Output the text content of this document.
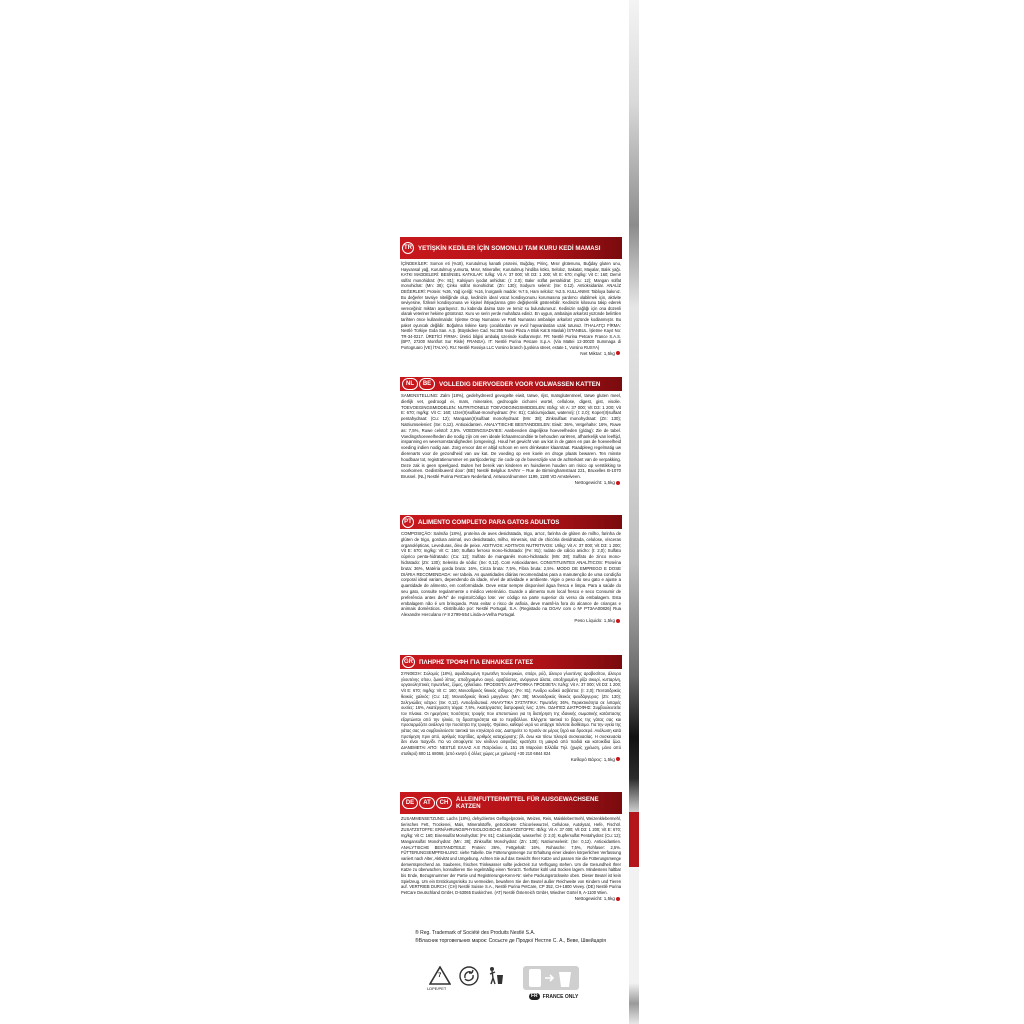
TR YETİŞKİN KEDİLER İÇİN SOMONLU TAM KURU KEDİ MAMASI
İÇİNDEKİLER: Somon eti (%18), Kurutulmuş kanatlı proteini, Buğday, Pirinç, Mısır glütenunu, Buğday gluten unu, Hayvansal yağ, Kurutulmuş yumurta, Mısır, Mineraller, Kurutulmuş hindiba kökü, Selüloz, Sakatat, Mayalar, Balık yağı. KATKI MADDELERİ: BESİNSEL KATKILAR: IU/kg: Vit A: 37 000; Vit D3: 1 200; Vit E: 670; mg/kg: Vit C: 160; Demir sülfat monohidrat: (Fe: 81); Kalsiyum iyodat anhidrat: (I: 2.0); Bakır sülfat pentahidrat: (Cu: 12); Mangan sülfat monohidrat: (Mn: 38); Çinko sülfat monohidrat: (Zn: 130); Sodyum selenit: (Se: 0.12). Antioksidanlar. ANALİZ DEĞERLERİ: Protein: %36, Yağ içeriği: %16, İnorganik madde: %7.5, Ham selüloz: %2.5. KULLANIMI: Tabloya bakınız. Bu değerler tavsiye niteliğinde olup, kedinizin ideal vücut kondisyonunu korumasına yardımcı olabilmek için, aktivite seviyesine, fiziksel kondisyonuna ve kişisel ihtiyaçlarına göre değişkenlik gösterebilir. Kedinizin kilosunu takip ederek vereceğiniz miktarı ayarlayınız. Su kabında daima taze ve temiz su bulundurunuz. Kedinizin sağlığı için ona düzenli olarak veteriner hekime götürünüz. Kuru ve serin yerde muhafaza ediniz. En uygun, ambalajın arka/üst yüzünde belirtilen tarihten önce kullanılmalıdır. İşletme Onay Numarası ve Parti Numarası ambalajın arka/üst yüzünde kodlanmıştır. Bu paket oyuncak değildir. Boğulma riskine karşı çocuklardan ve evcil hayvanlardan uzak tutunuz. İTHALATÇI FİRMA: Nestlé Türkiye Gıda San. A.Ş. (Büyükdere Cad. No:255 Nurol Plaza A Blok Kat:6 Maslak) İSTANBUL. İşletme Kayıt No: TR-34-0217. ÜRETİCİ FİRMA: Üretici bilgisi ambalaj üzerinde kodlanmıştır. FR: Nestlé Purina Petcare France S.A.S. (BP7, 27200 Montfort Sur Risle) FRANSA). IT: Nestlé Purina Petcare S.p.A. (Via Mattei 12-30020 Summaga di Portogruaro (VE) İTALYA). RU: Nestlé Rossiya LLC Vorsino branch (Lyskina street, estate 1, Vorsino RUSYA)
Net Miktar: 1,5kg
NL	BE	VOLLEDIG DIERVOEDER VOOR VOLWASSEN KATTEN
SAMENSTELLING: Zalm (18%), gedehydreerd gevogelte eiwit, tarwe, rijst, maïsglutenmeel, tarwe gluten meel, dierlijk vet, gedroogd ei, maïs, mineralen, gedroogde cichorei wortel, cellulose, digest, gist, visolie. TOEVOEGINGSMIDDELEN: NUTRITIONELE TOEVOEGINGSMIDDELEN: IE/kg: Vit A: 37 000; Vit D3: 1 200; Vit E: 670; mg/kg: Vit C: 160; IJzer(II)sulfaat-monohydraat: (Fe: 81); Calciumjodaat, watervrij: (I: 2,0); Koper(II)sulfaat pentahydraat: (Cu: 12); Mangaan(II)sulfaat monohydraat: (Mn: 38); Zinksulfaat monohydraat: (Zn: 130); Natriumseleniet: (Se: 0,12). Antioxidanten. ANALYTISCHE BESTANDDELEN: Eiwit: 36%, Vetgehalte: 16%, Ruwe as: 7,5%, Ruwe celstof: 2,5%. VOEDINGSADVIES: Aanbevolen dagelijkse hoeveelheden (g/dag): Zie de tabel. Voedingshoeveelheden die nodig zijn om een ideale lichaamsconditie te behouden variëren, afhankelijk van leeftijd, inspanning en weersomstandigheden (omgeving). Houd het gewicht van uw kat in de gaten en pas de hoeveelheid voeding indien nodig aan. Zorg ervoor dat er altijd schoon en vers drinkwater klaarstaat. Raadpleeg regelmatig uw dierenarts voor de gezondheid van uw kat. De voeding op een koele en droge plaats bewaren. Ten minste houdbaar tot, registratienummer en partijcodering: zie code op de bovenzijde van de achterkant van de verpakking. Deze zak is geen speelgoed. Buiten het bereik van kinderen en huisdieren houden om risico op verstikking te voorkomen. Gedistribueerd door: (BE) Nestlé Belgilux SA/NV – Rue de Birminghamstraat 221, Bruxelles B-1070 Brussel. (NL) Nestlé Purina PetCare Nederland, Antwoordnummer 1199, 1180 VD Amstelveen.
Nettogewicht: 1,5kg
PT ALIMENTO COMPLETO PARA GATOS ADULTOS
COMPOSIÇÃO: Salmão (18%), proteína de aves desidratada, trigo, arroz, farinha de glúten de milho, farinha de glúten de trigo, gordura animal, ovo desidratado, milho, minerais, raiz de chicória desidratada, celulose, vísceras organolépticas, Leveduras, óleo de peixe. ADITIVOS: ADITIVOS NUTRITIVOS: UI/kg: Vit A: 37 000; Vit D3: 1 200; Vit E: 670; mg/kg: Vit C: 160; Sulfato ferroso mono-hidratado: (Fe: 81); Iodato de cálcio anidro: (I: 2,0); Sulfato cúprico penta-hidratado: (Cu: 12); Sulfato de manganês mono-hidratado: (Mn: 38); Sulfato de zinco mono-hidratado: (Zn: 130); Selenito de sódio: (Se: 0,12). Com Antioxidantes. CONSTITUINTES ANALÍTICOS: Proteína bruta: 36%, Matéria gorda bruta: 16%, Cinza bruta: 7,5%, Fibra bruta: 2,5%. MODO DE EMPREGO E DOSE DIÁRIA RECOMENDADA: ver tabela. As quantidades diárias recomendadas para a manutenção de uma condição corporal ideal variam, dependendo da idade, nível de atividade e ambiente. Vigie o peso do seu gato e ajuste a quantidade de alimento, em conformidade. Deve estar sempre disponível água fresca e limpa. Para a saúde do seu gato, consulte regularmente o médico veterinário. Guarde o alimento num local fresco e seco Consumir de preferência antes de/N° de registo/Código lote: ver código na parte superior do verso da embalagem. Esta embalagem não é um brinquedo. Para evitar o risco de asfixia, deve mantê-la fora do alcance de crianças e animais domésticos. -Distribuído por: Nestlé Portugal, S.A. (Registado na DGAV com o Nº PT3AA00826) Rua Alexandre Herculano nº 8 2799-554 Linda-a-Velha Portugal.
Peso Líquido: 1,5kg
GR ΠΛΗΡΗΣ ΤΡΟΦΗ ΓΙΑ ΕΝΗΛΙΚΕΣ ΓΑΤΕΣ
ΣΥΝΘΕΣΗ: Σολομός (18%), αφυδατωμένη πρωτεΐνη πουλερικών, σιτάρι, ρύζι, άλευρο γλουτένης αραβοσίτου, άλευρο γλουτένης σίτου, ζωικό λίπος, αποξηραμένο αυγό, αραβόσιτος, ανόργανα άλατα, αποξηραμένη ρίζα σικορί, κυτταρίνη, οργανοληπτικές πρωτεΐνες, ζύμες, ιχθυέλαιο. ΠΡΟΣΘΕΤΑ: ΔΙΑΤΡΟΦΙΚΑ ΠΡΟΣΘΕΤΑ: IU/kg: Vit A: 37 000; Vit D3: 1 200; Vit E: 670; mg/kg: Vit C: 160; Μονοϋδρικός θειικός σίδηρος: (Fe: 81); Άνυδρο ιωδικό ασβέστιο: (I: 2,0); Πενταϋδρικός θειικός χαλκός: (Cu: 12); Μονοϋδρικός θειικό μαγγάνιο: (Mn: 38); Μονοϋδρικός θειικός ψευδάργυρος: (Zn: 130); Σεληνιώδες νάτριο: (Se: 0,12). Αντιοξειδωτικά. ΑΝΑΛΥΤΙΚΑ ΣΥΣΤΑΤΙΚΑ: Πρωτεΐνη: 36%, Περιεκτικότητα σε λιπαρές ουσίες: 16%, Ακατέργαστη τέφρα: 7,5%, Ακατέργαστες διατροφικές ίνες: 2,5%. ΟΔΗΓΙΕΣ ΔΙΑΤΡΟΦΗΣ: Συμβουλευτείτε τον πίνακα. Οι ημερήσιες ποσότητες τροφής που αποτυπώνει για τη διατήρηση της ιδανικής σωματικής κατάστασης εξαρτώνται από την ηλικία, τη δραστηριότητα και το περιβάλλον. Ελέγχετε τακτικά το βάρος της γάτας σας και προσαρμόζετε ανάλογα την ποσότητα της τροφής. Φρέσκο, καθαρό νερό να υπάρχει πάντοτε διαθέσιμο. Για την υγεία της γάτας σας να συμβουλεύεστε τακτικά τον κτηνίατρό σας. Διατηρείτε το προϊόν σε μέρος ξηρό και δροσερό. Ανάλωση κατά προτίμηση πριν από, αριθμός παρτίδας, αριθμός καταχώρισης: βλ. άνω και πίσω πλευρά συσκευασίας. Η συσκευασία δεν είναι παιχνίδι. Για να αποφύγετε τον κίνδυνο ασφυξίας κρατήστε τη μακριά από παιδιά και κατοικίδια ζώα. ΔΙΑΝΕΜΕΤΑΙ ΑΠΟ: NESTLÉ ΕΛΛΑΣ Α.Ε Πατρόκλου 4, 151 25 Μαρούσι Ελλάδα Τηλ. (χωρίς χρέωση, μόνο από σταθερό) 800 11 68068, (από κινητό ή άλλες χώρες με χρέωση) +30 210 6844 824
Καθαρό Βάρος: 1,5kg
DE	AT	CH	ALLEINFUTTERMITTEL FÜR AUSGEWACHSENE KATZEN
ZUSAMMENSETZUNG: Lachs (18%), dehydriertes Geflügelprotein, Weizen, Reis, Maiskleberrmehl, Weizenklebermehl, tierisches Fett, Trockenei, Mais, Mineralstoffe, getrocknete Chicoréewurzel, Cellulose, Autolysat, Hefe, Fischöl. ZUSATZSTOFFE: ERNÄHRUNGSPHYSIOLOGISCHE ZUSATZSTOFFE: IE/kg: Vit A: 37 000; Vit D3: 1 200; Vit E: 670; mg/kg: Vit C: 160; Eisensulfat Monohydrat: (Fe: 81); Calciumjodat, wasserfrei: (I: 2,0); Kupfersulfat Pentahydrat: (Cu: 12); Mangansulfat Monohydrat: (Mn: 38); Zinksulfat Monohydrat: (Zn: 130); Natriumselenit: (Se: 0,12). Antioxidantien. ANALYTISCHE BESTANDTEILE: Protein: 36%, Fettgehalt: 16%, Rohasche: 7,5%, Rohfaser: 2,5%. FÜTTERUNGSEMPFEHLUNG: siehe Tabelle. Die Fütterungsmenge zur Erhaltung einer idealen körperlichen Verfassung variiert nach Alter, Aktivität und Umgebung. Achten Sie auf das Gewicht Ihrer Katze und passen Sie die Fütterungsmenge dementsprechend an. Sauberes, frisches Trinkwasser sollte jederzeit zur Verfügung stehen. Um die Gesundheit Ihrer Katze zu überwachen, konsultieren Sie regelmäßig einen Tierarzt. Tierfutter kühl und trocken lagern. Mindestens haltbar bis Ende, Bezugsnummer der Partie und Registrierungs-Kenn-Nr: siehe Packungsrückseite oben. Dieser Beutel ist kein Spielzeug. Um ein Erstickungsrisiko zu vermeiden, bewahren Sie den Beutel außer Reichweite von Kindern und Tieren auf. VERTRIEB DURCH: (CH) Nestlé Suisse S.A., Nestlé Purina PetCare, CP 352, CH-1800 Vevey. (DE) Nestlé Purina PetCare Deutschland GmbH, D-53065 Euskirchen. (AT) Nestlé Österreich GmbH, Wiedner Gürtel 9, A-1100 Wien.
Nettogewicht: 1,5kg
® Reg. Trademark of Société des Produits Nestlé S.A.
®Власник торговельних марок: Сосьєте де Продюї Нестле С. А., Веве, Швейцарія
7
LDPE/PET
FR	FRANCE ONLY
